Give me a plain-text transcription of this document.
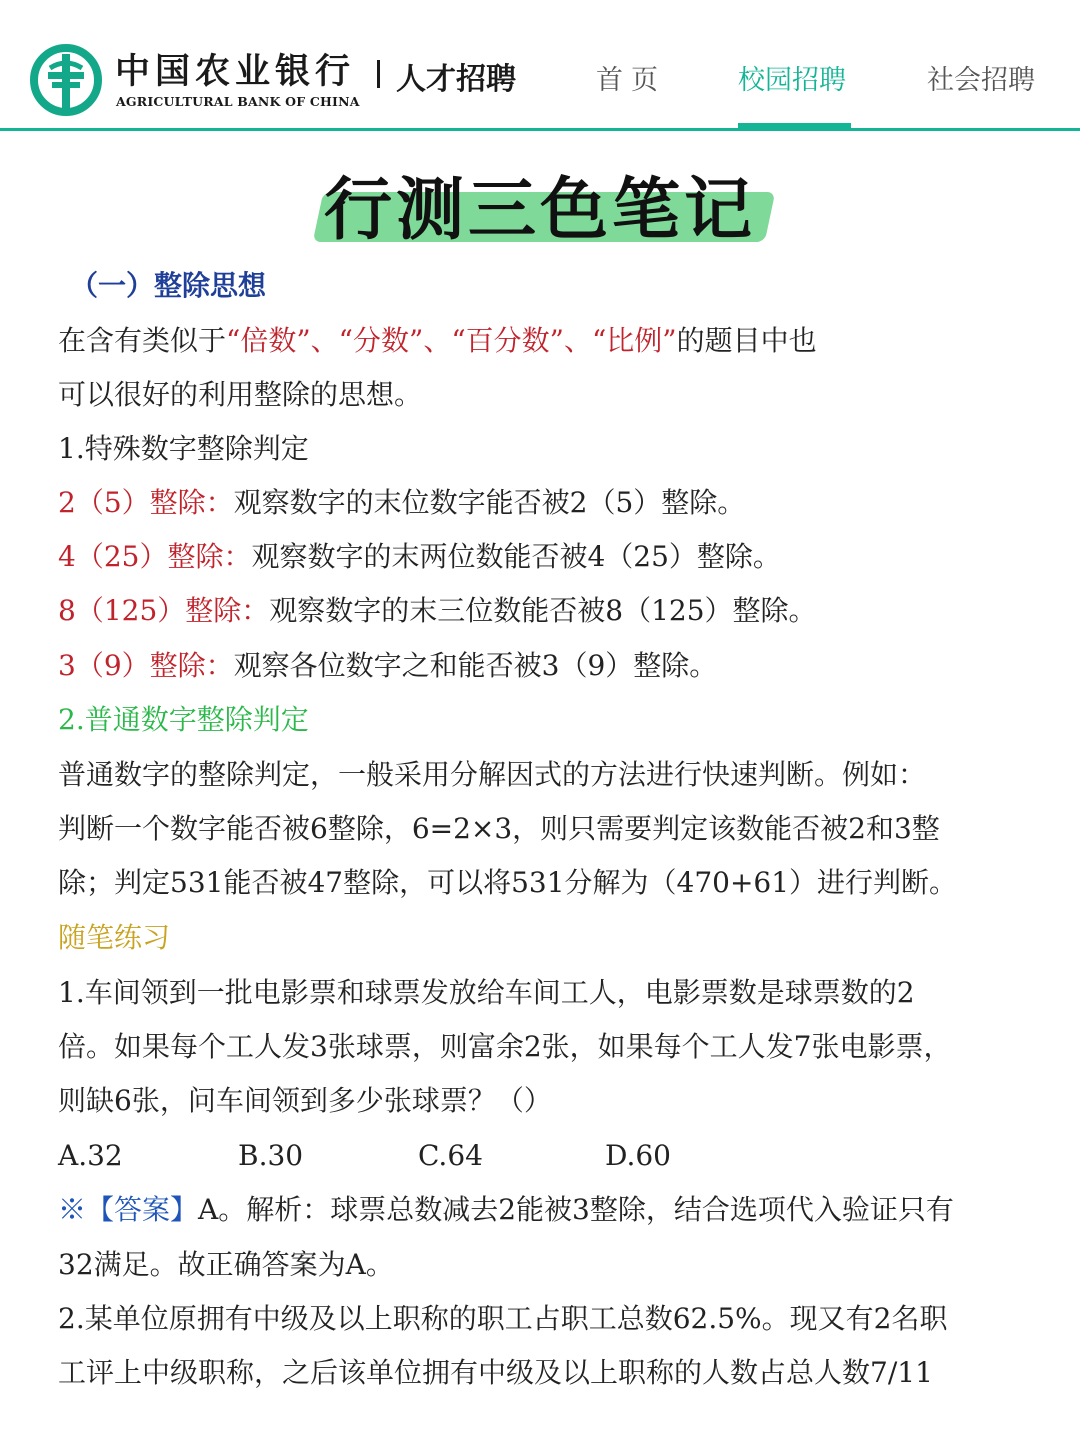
中国农业银行 人才招聘
AGRICULTURAL BANK OF CHINA
首页	校园招聘	社会招聘
行测三色笔记
（一）整除思想
在含有类似于“倍数”、“分数”、“百分数”、“比例”的题目中也
可以很好的利用整除的思想。
1.特殊数字整除判定
2（5）整除：观察数字的末位数字能否被2（5）整除。
4（25）整除：观察数字的末两位数能否被4（25）整除。
8（125）整除：观察数字的末三位数能否被8（125）整除。
3（9）整除：观察各位数字之和能否被3（9）整除。
2.普通数字整除判定
普通数字的整除判定，一般采用分解因式的方法进行快速判断。例如：
判断一个数字能否被6整除，6=2×3，则只需要判定该数能否被2和3整
除；判定531能否被47整除，可以将531分解为（470+61）进行判断。
随笔练习
1.车间领到一批电影票和球票发放给车间工人，电影票数是球票数的2
倍。如果每个工人发3张球票，则富余2张，如果每个工人发7张电影票，
则缺6张，问车间领到多少张球票？（）
A.32	B.30	C.64	D.60
※【答案】A。解析：球票总数减去2能被3整除，结合选项代入验证只有
32满足。故正确答案为A。
2.某单位原拥有中级及以上职称的职工占职工总数62.5%。现又有2名职
工评上中级职称，之后该单位拥有中级及以上职称的人数占总人数7/11
